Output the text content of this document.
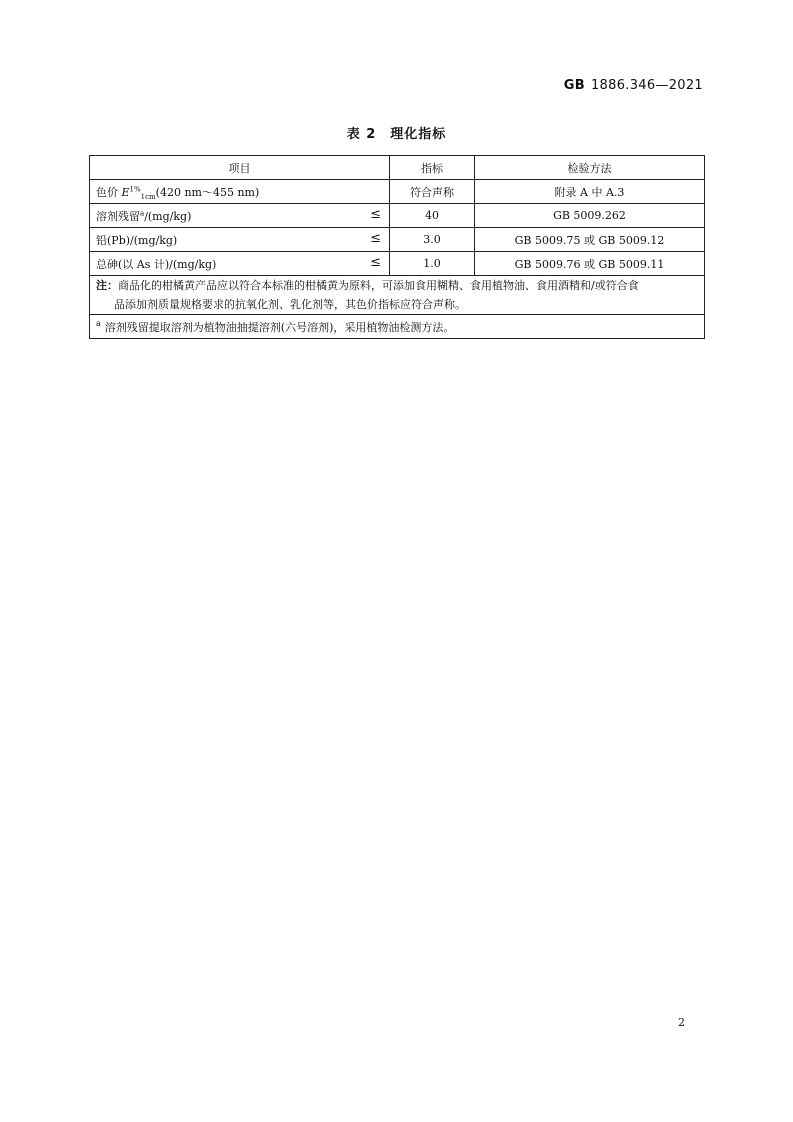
GB 1886.346—2021
表 2　理化指标
项目	指标	检验方法
色价 $E^{1\%}_{1cm}(420$ nm～455 nm)	符合声称	附录 A 中 A.3
溶剂残留$^a$/(mg/kg) ≤	40	GB 5009.262
铅(Pb)/(mg/kg) ≤	3.0	GB 5009.75 或 GB 5009.12
总砷(以 As 计)/(mg/kg) ≤	1.0	GB 5009.76 或 GB 5009.11
注：商品化的柑橘黄产品应以符合本标准的柑橘黄为原料，可添加食用糊精、食用植物油、食用酒精和/或符合食
品添加剂质量规格要求的抗氧化剂、乳化剂等，其色价指标应符合声称。		
$^a$ 溶剂残留提取溶剂为植物油抽提溶剂(六号溶剂)，采用植物油检测方法。		
2
